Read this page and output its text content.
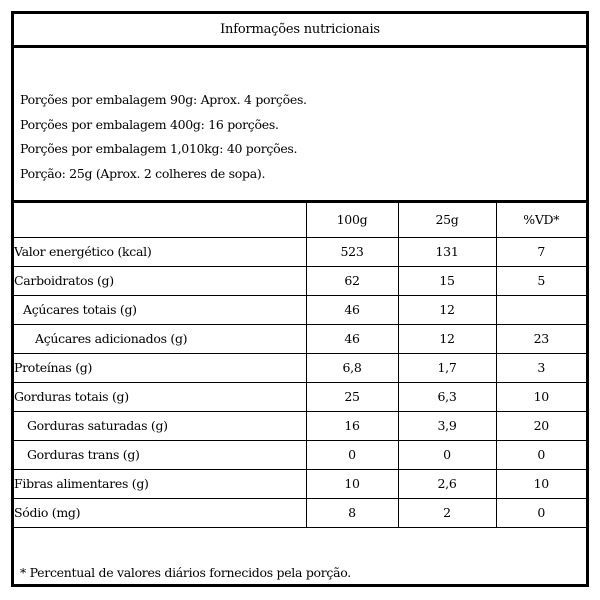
Informações nutricionais
Porções por embalagem 90g: Aprox. 4 porções.
Porções por embalagem 400g: 16 porções.
Porções por embalagem 1,010kg: 40 porções.
Porção: 25g (Aprox. 2 colheres de sopa).
	100g	25g	%VD*
Valor energético (kcal)	523	131	7
Carboidratos (g)	62	15	5
Açúcares totais (g)	46	12	
Açúcares adicionados (g)	46	12	23
Proteínas (g)	6,8	1,7	3
Gorduras totais (g)	25	6,3	10
Gorduras saturadas (g)	16	3,9	20
Gorduras trans (g)	0	0	0
Fibras alimentares (g)	10	2,6	10
Sódio (mg)	8	2	0
* Percentual de valores diários fornecidos pela porção.
